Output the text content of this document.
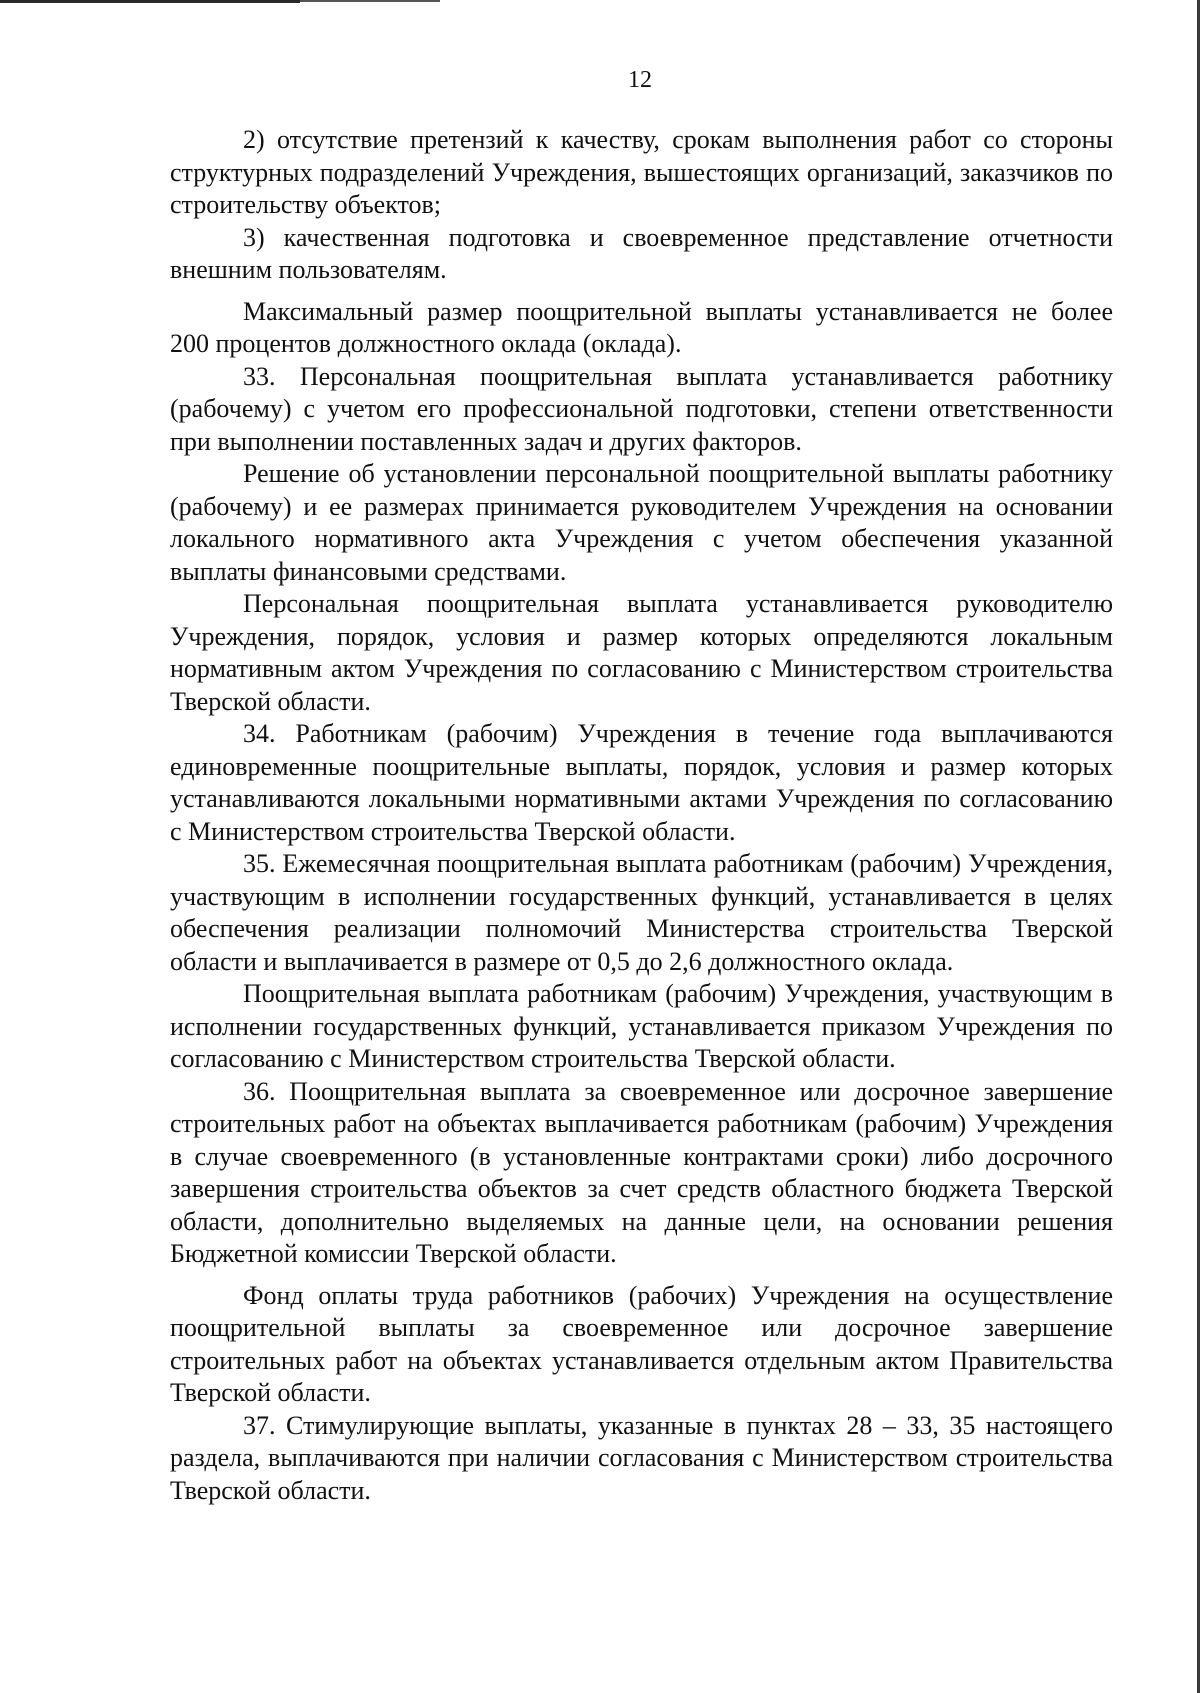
12

2) отсутствие претензий к качеству, срокам выполнения работ со стороны структурных подразделений Учреждения, вышестоящих организаций, заказчиков по строительству объектов;

3) качественная подготовка и своевременное представление отчетности внешним пользователям.

Максимальный размер поощрительной выплаты устанавливается не более 200 процентов должностного оклада (оклада).

33. Персональная поощрительная выплата устанавливается работнику (рабочему) с учетом его профессиональной подготовки, степени ответственности при выполнении поставленных задач и других факторов.

Решение об установлении персональной поощрительной выплаты работнику (рабочему) и ее размерах принимается руководителем Учреждения на основании локального нормативного акта Учреждения с учетом обеспечения указанной выплаты финансовыми средствами.

Персональная поощрительная выплата устанавливается руководителю Учреждения, порядок, условия и размер которых определяются локальным нормативным актом Учреждения по согласованию с Министерством строительства Тверской области.

34. Работникам (рабочим) Учреждения в течение года выплачиваются единовременные поощрительные выплаты, порядок, условия и размер которых устанавливаются локальными нормативными актами Учреждения по согласованию с Министерством строительства Тверской области.

35. Ежемесячная поощрительная выплата работникам (рабочим) Учреждения, участвующим в исполнении государственных функций, устанавливается в целях обеспечения реализации полномочий Министерства строительства Тверской области и выплачивается в размере от 0,5 до 2,6 должностного оклада.

Поощрительная выплата работникам (рабочим) Учреждения, участвующим в исполнении государственных функций, устанавливается приказом Учреждения по согласованию с Министерством строительства Тверской области.

36. Поощрительная выплата за своевременное или досрочное завершение строительных работ на объектах выплачивается работникам (рабочим) Учреждения в случае своевременного (в установленные контрактами сроки) либо досрочного завершения строительства объектов за счет средств областного бюджета Тверской области, дополнительно выделяемых на данные цели, на основании решения Бюджетной комиссии Тверской области.

Фонд оплаты труда работников (рабочих) Учреждения на осуществление поощрительной выплаты за своевременное или досрочное завершение строительных работ на объектах устанавливается отдельным актом Правительства Тверской области.

37. Стимулирующие выплаты, указанные в пунктах 28 – 33, 35 настоящего раздела, выплачиваются при наличии согласования с Министерством строительства Тверской области.
